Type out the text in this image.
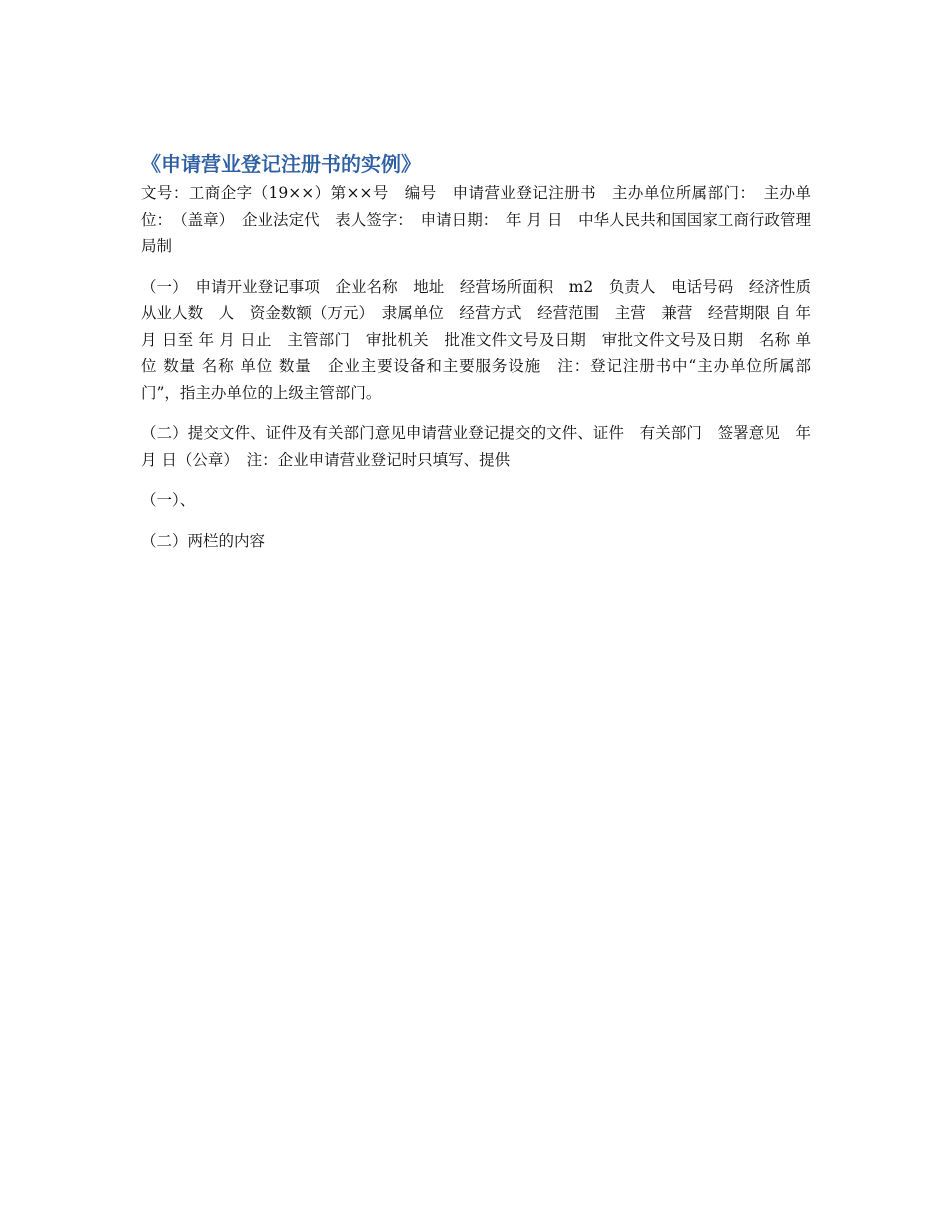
《申请营业登记注册书的实例》

文号：工商企字（19××）第××号　编号　申请营业登记注册书　主办单位所属部门：　主办单位：　（盖章）　企业法定代　表人签字：　申请日期：　年 月 日　中华人民共和国国家工商行政管理局制

（一）　申请开业登记事项　企业名称　地址　经营场所面积　m2　负责人　电话号码　经济性质　从业人数　人　资金数额（万元）　隶属单位　经营方式　经营范围　主营　兼营　经营期限 自 年 月 日至 年 月 日止　主管部门　审批机关　批准文件文号及日期　审批文件文号及日期　名称 单位 数量 名称 单位 数量　企业主要设备和主要服务设施　注：登记注册书中“主办单位所属部门”，指主办单位的上级主管部门。

（二）提交文件、证件及有关部门意见申请营业登记提交的文件、证件　有关部门　签署意见　年 月 日（公章）　注：企业申请营业登记时只填写、提供

（一）、

（二）两栏的内容
